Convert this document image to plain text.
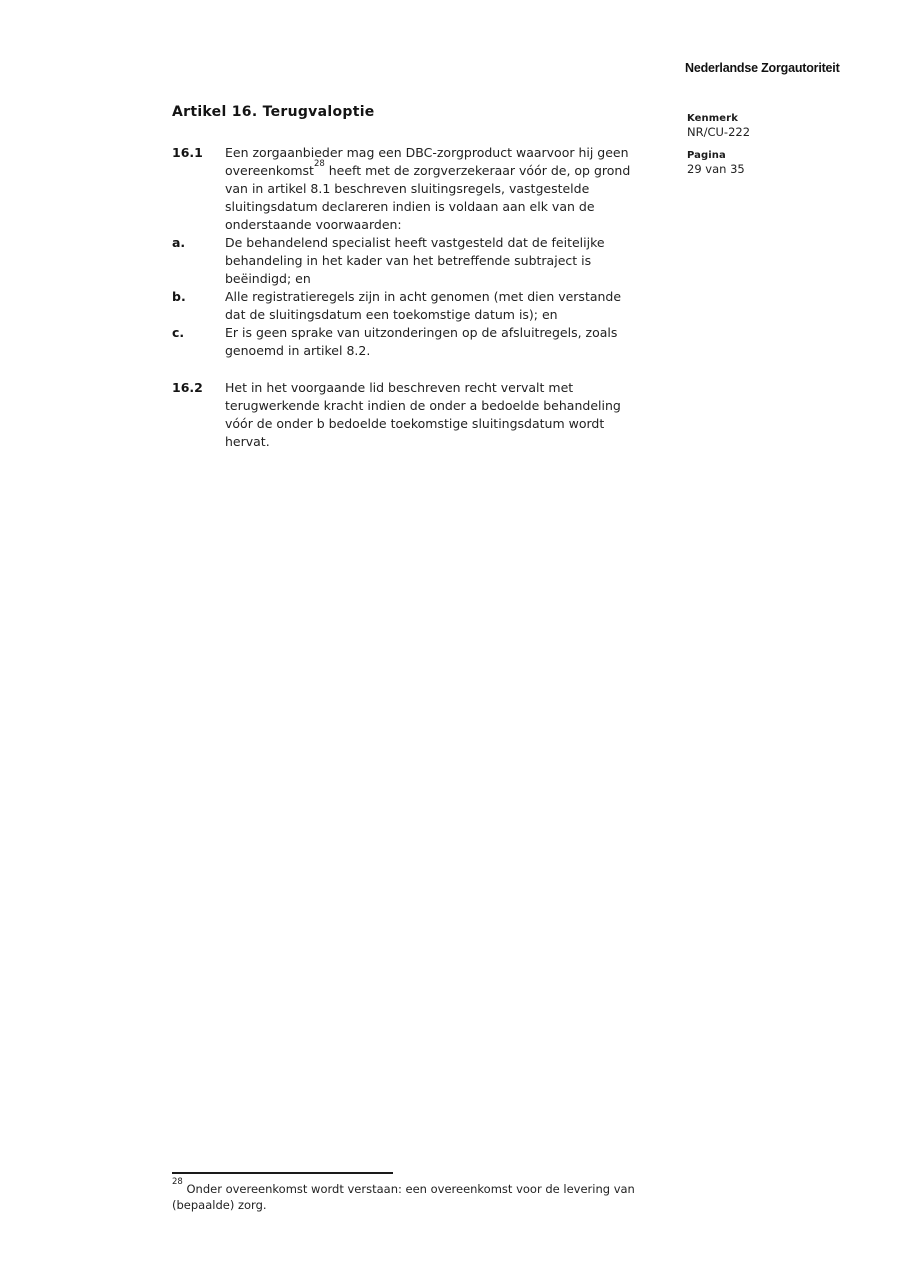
Nederlandse Zorgautoriteit
Artikel 16. Terugvaloptie	Kenmerk
NR/CU-222
Pagina
29 van 35
16.1	Een zorgaanbieder mag een DBC-zorgproduct waarvoor hij geen
overeenkomst$^{28}$ heeft met de zorgverzekeraar vóór de, op grond
van in artikel 8.1 beschreven sluitingsregels, vastgestelde
sluitingsdatum declareren indien is voldaan aan elk van de
onderstaande voorwaarden:
a.	De behandelend specialist heeft vastgesteld dat de feitelijke
behandeling in het kader van het betreffende subtraject is
beëindigd; en
b.	Alle registratieregels zijn in acht genomen (met dien verstande
dat de sluitingsdatum een toekomstige datum is); en
c.	Er is geen sprake van uitzonderingen op de afsluitregels, zoals
genoemd in artikel 8.2.
16.2	Het in het voorgaande lid beschreven recht vervalt met
terugwerkende kracht indien de onder a bedoelde behandeling
vóór de onder b bedoelde toekomstige sluitingsdatum wordt
hervat.
$^{28}$ Onder overeenkomst wordt verstaan: een overeenkomst voor de levering van
(bepaalde) zorg.
